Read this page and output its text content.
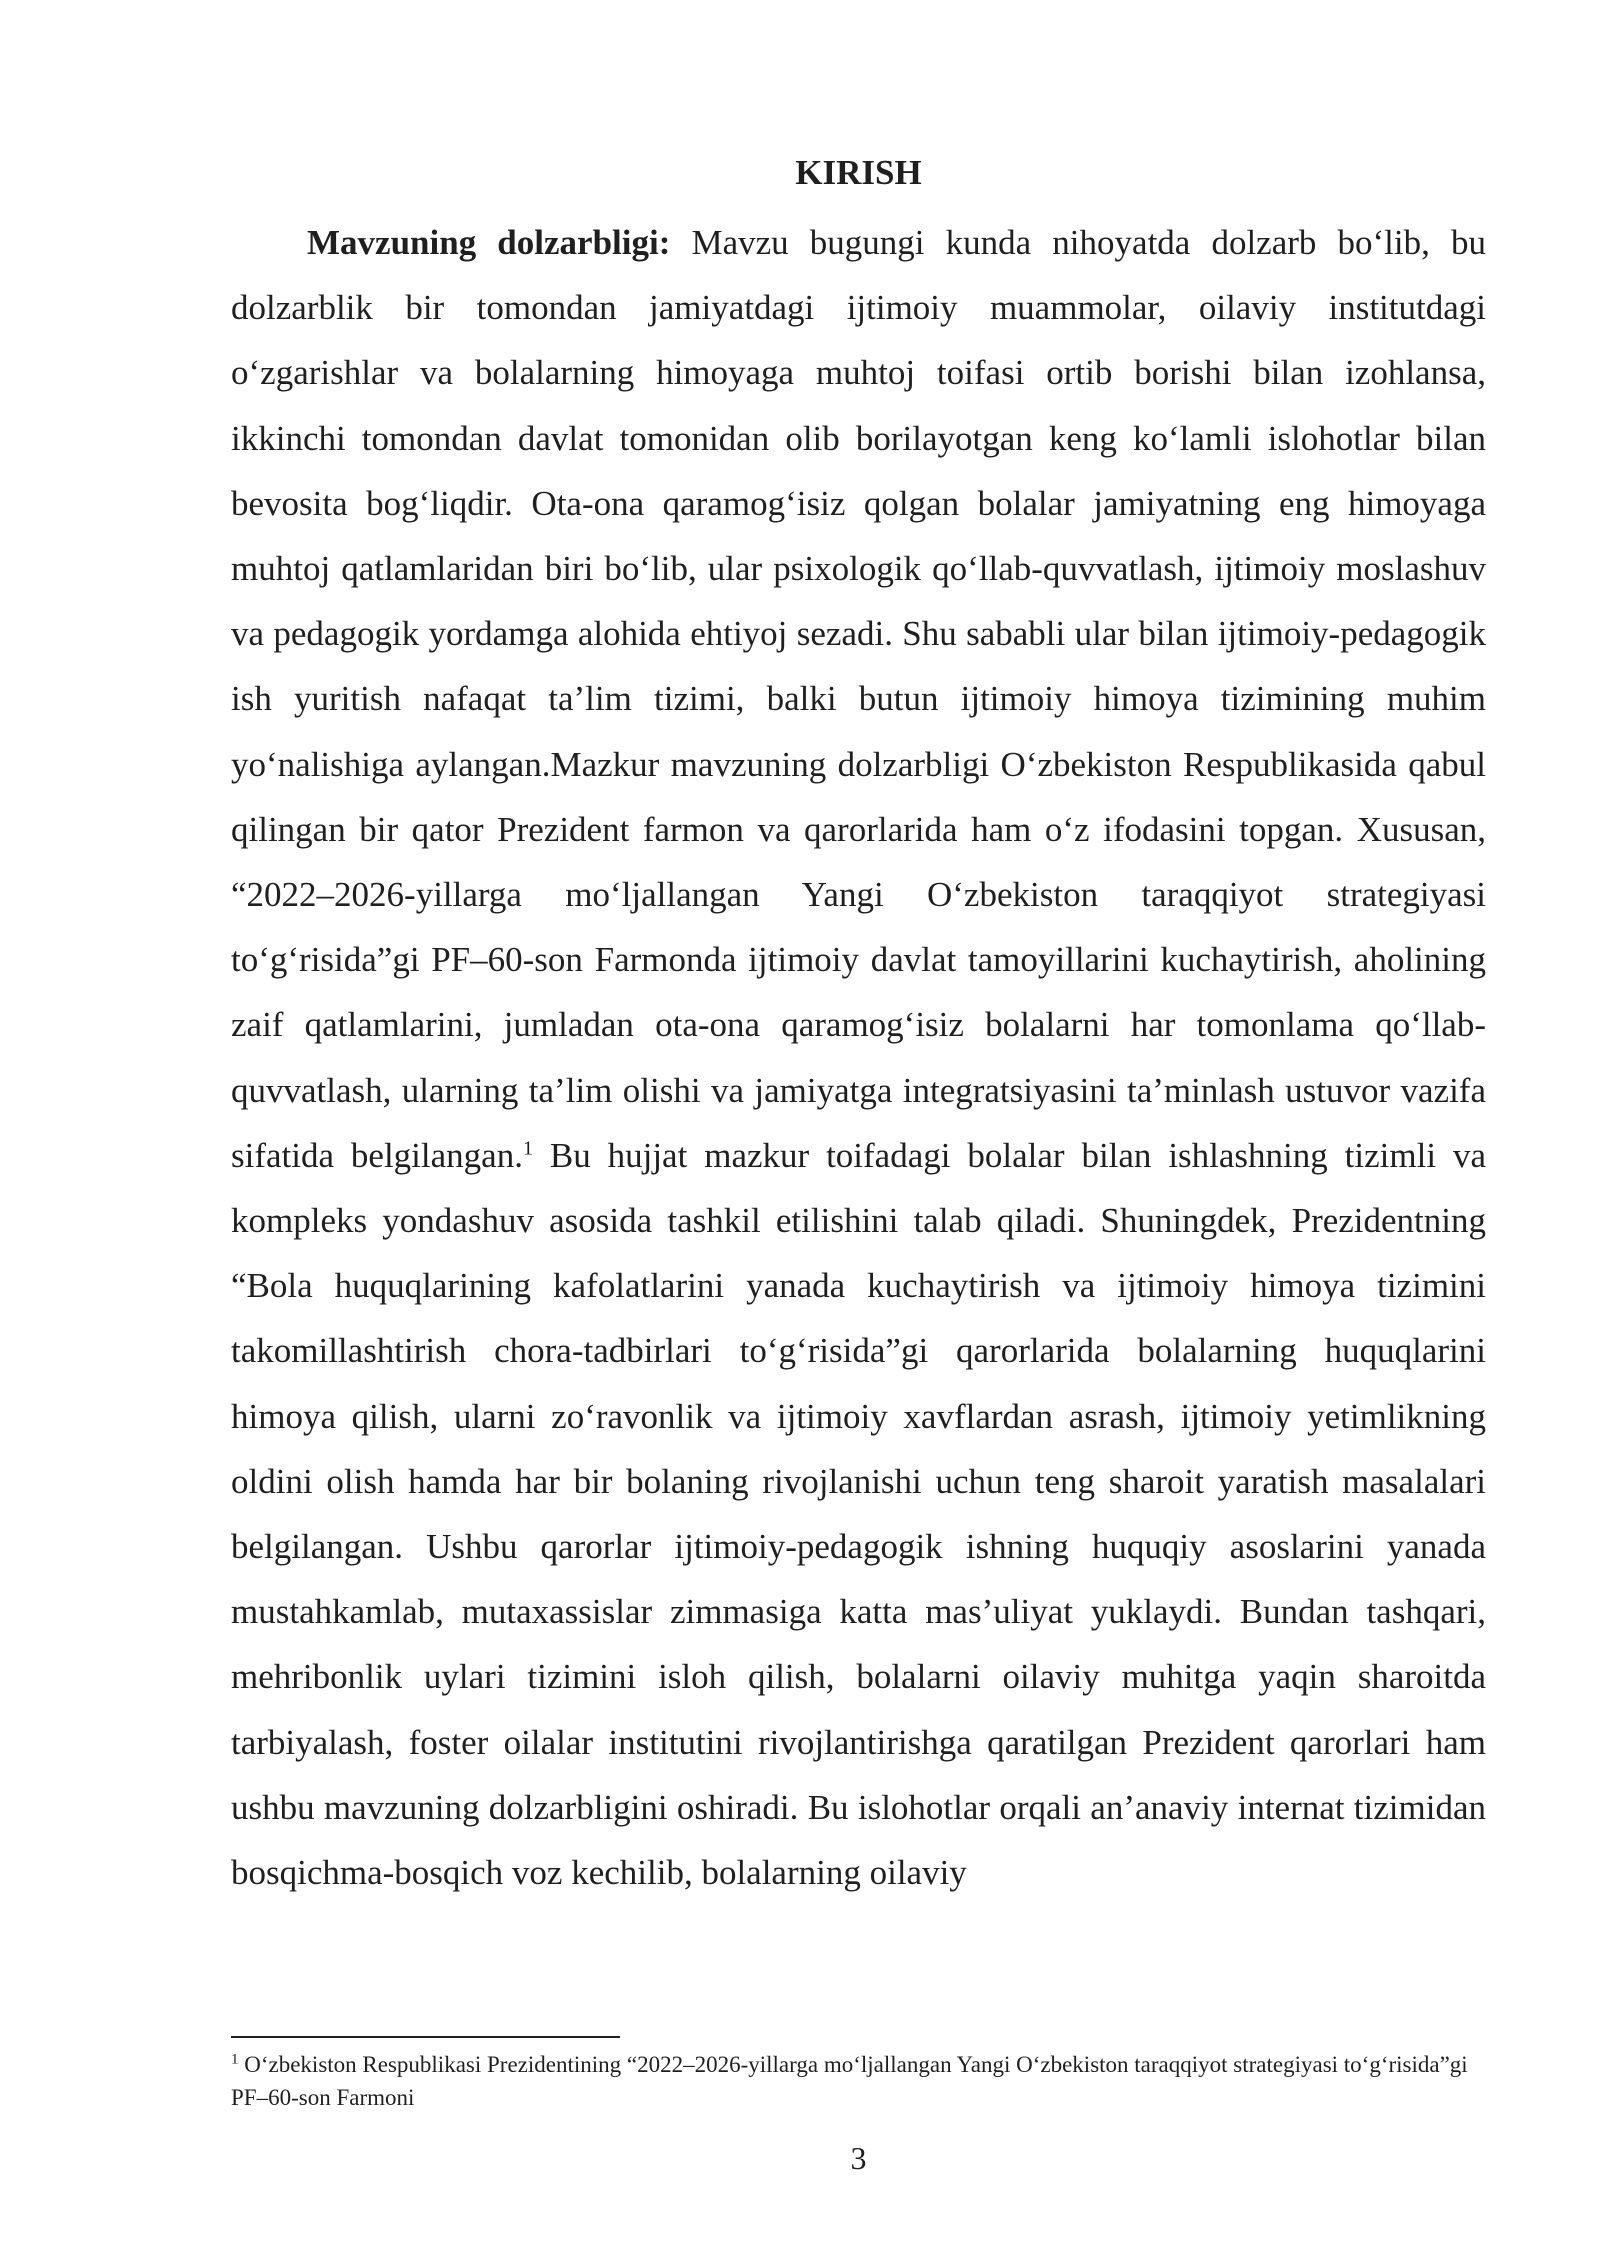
KIRISH

Mavzuning dolzarbligi: Mavzu bugungi kunda nihoyatda dolzarb bo‘lib, bu dolzarblik bir tomondan jamiyatdagi ijtimoiy muammolar, oilaviy institutdagi o‘zgarishlar va bolalarning himoyaga muhtoj toifasi ortib borishi bilan izohlansa, ikkinchi tomondan davlat tomonidan olib borilayotgan keng ko‘lamli islohotlar bilan bevosita bog‘liqdir. Ota-ona qaramog‘isiz qolgan bolalar jamiyatning eng himoyaga muhtoj qatlamlaridan biri bo‘lib, ular psixologik qo‘llab-quvvatlash, ijtimoiy moslashuv va pedagogik yordamga alohida ehtiyoj sezadi. Shu sababli ular bilan ijtimoiy-pedagogik ish yuritish nafaqat ta’lim tizimi, balki butun ijtimoiy himoya tizimining muhim yo‘nalishiga aylangan.Mazkur mavzuning dolzarbligi O‘zbekiston Respublikasida qabul qilingan bir qator Prezident farmon va qarorlarida ham o‘z ifodasini topgan. Xususan, “2022–2026-yillarga mo‘ljallangan Yangi O‘zbekiston taraqqiyot strategiyasi to‘g‘risida”gi PF–60-son Farmonda ijtimoiy davlat tamoyillarini kuchaytirish, aholining zaif qatlamlarini, jumladan ota-ona qaramog‘isiz bolalarni har tomonlama qo‘llab-quvvatlash, ularning ta’lim olishi va jamiyatga integratsiyasini ta’minlash ustuvor vazifa sifatida belgilangan.$^1$ Bu hujjat mazkur toifadagi bolalar bilan ishlashning tizimli va kompleks yondashuv asosida tashkil etilishini talab qiladi. Shuningdek, Prezidentning “Bola huquqlarining kafolatlarini yanada kuchaytirish va ijtimoiy himoya tizimini takomillashtirish chora-tadbirlari to‘g‘risida”gi qarorlarida bolalarning huquqlarini himoya qilish, ularni zo‘ravonlik va ijtimoiy xavflardan asrash, ijtimoiy yetimlikning oldini olish hamda har bir bolaning rivojlanishi uchun teng sharoit yaratish masalalari belgilangan. Ushbu qarorlar ijtimoiy-pedagogik ishning huquqiy asoslarini yanada mustahkamlab, mutaxassislar zimmasiga katta mas’uliyat yuklaydi. Bundan tashqari, mehribonlik uylari tizimini isloh qilish, bolalarni oilaviy muhitga yaqin sharoitda tarbiyalash, foster oilalar institutini rivojlantirishga qaratilgan Prezident qarorlari ham ushbu mavzuning dolzarbligini oshiradi. Bu islohotlar orqali an’anaviy internat tizimidan bosqichma-bosqich voz kechilib, bolalarning oilaviy

$^1$ O‘zbekiston Respublikasi Prezidentining “2022–2026-yillarga mo‘ljallangan Yangi O‘zbekiston taraqqiyot strategiyasi to‘g‘risida”gi PF–60-son Farmoni

3
